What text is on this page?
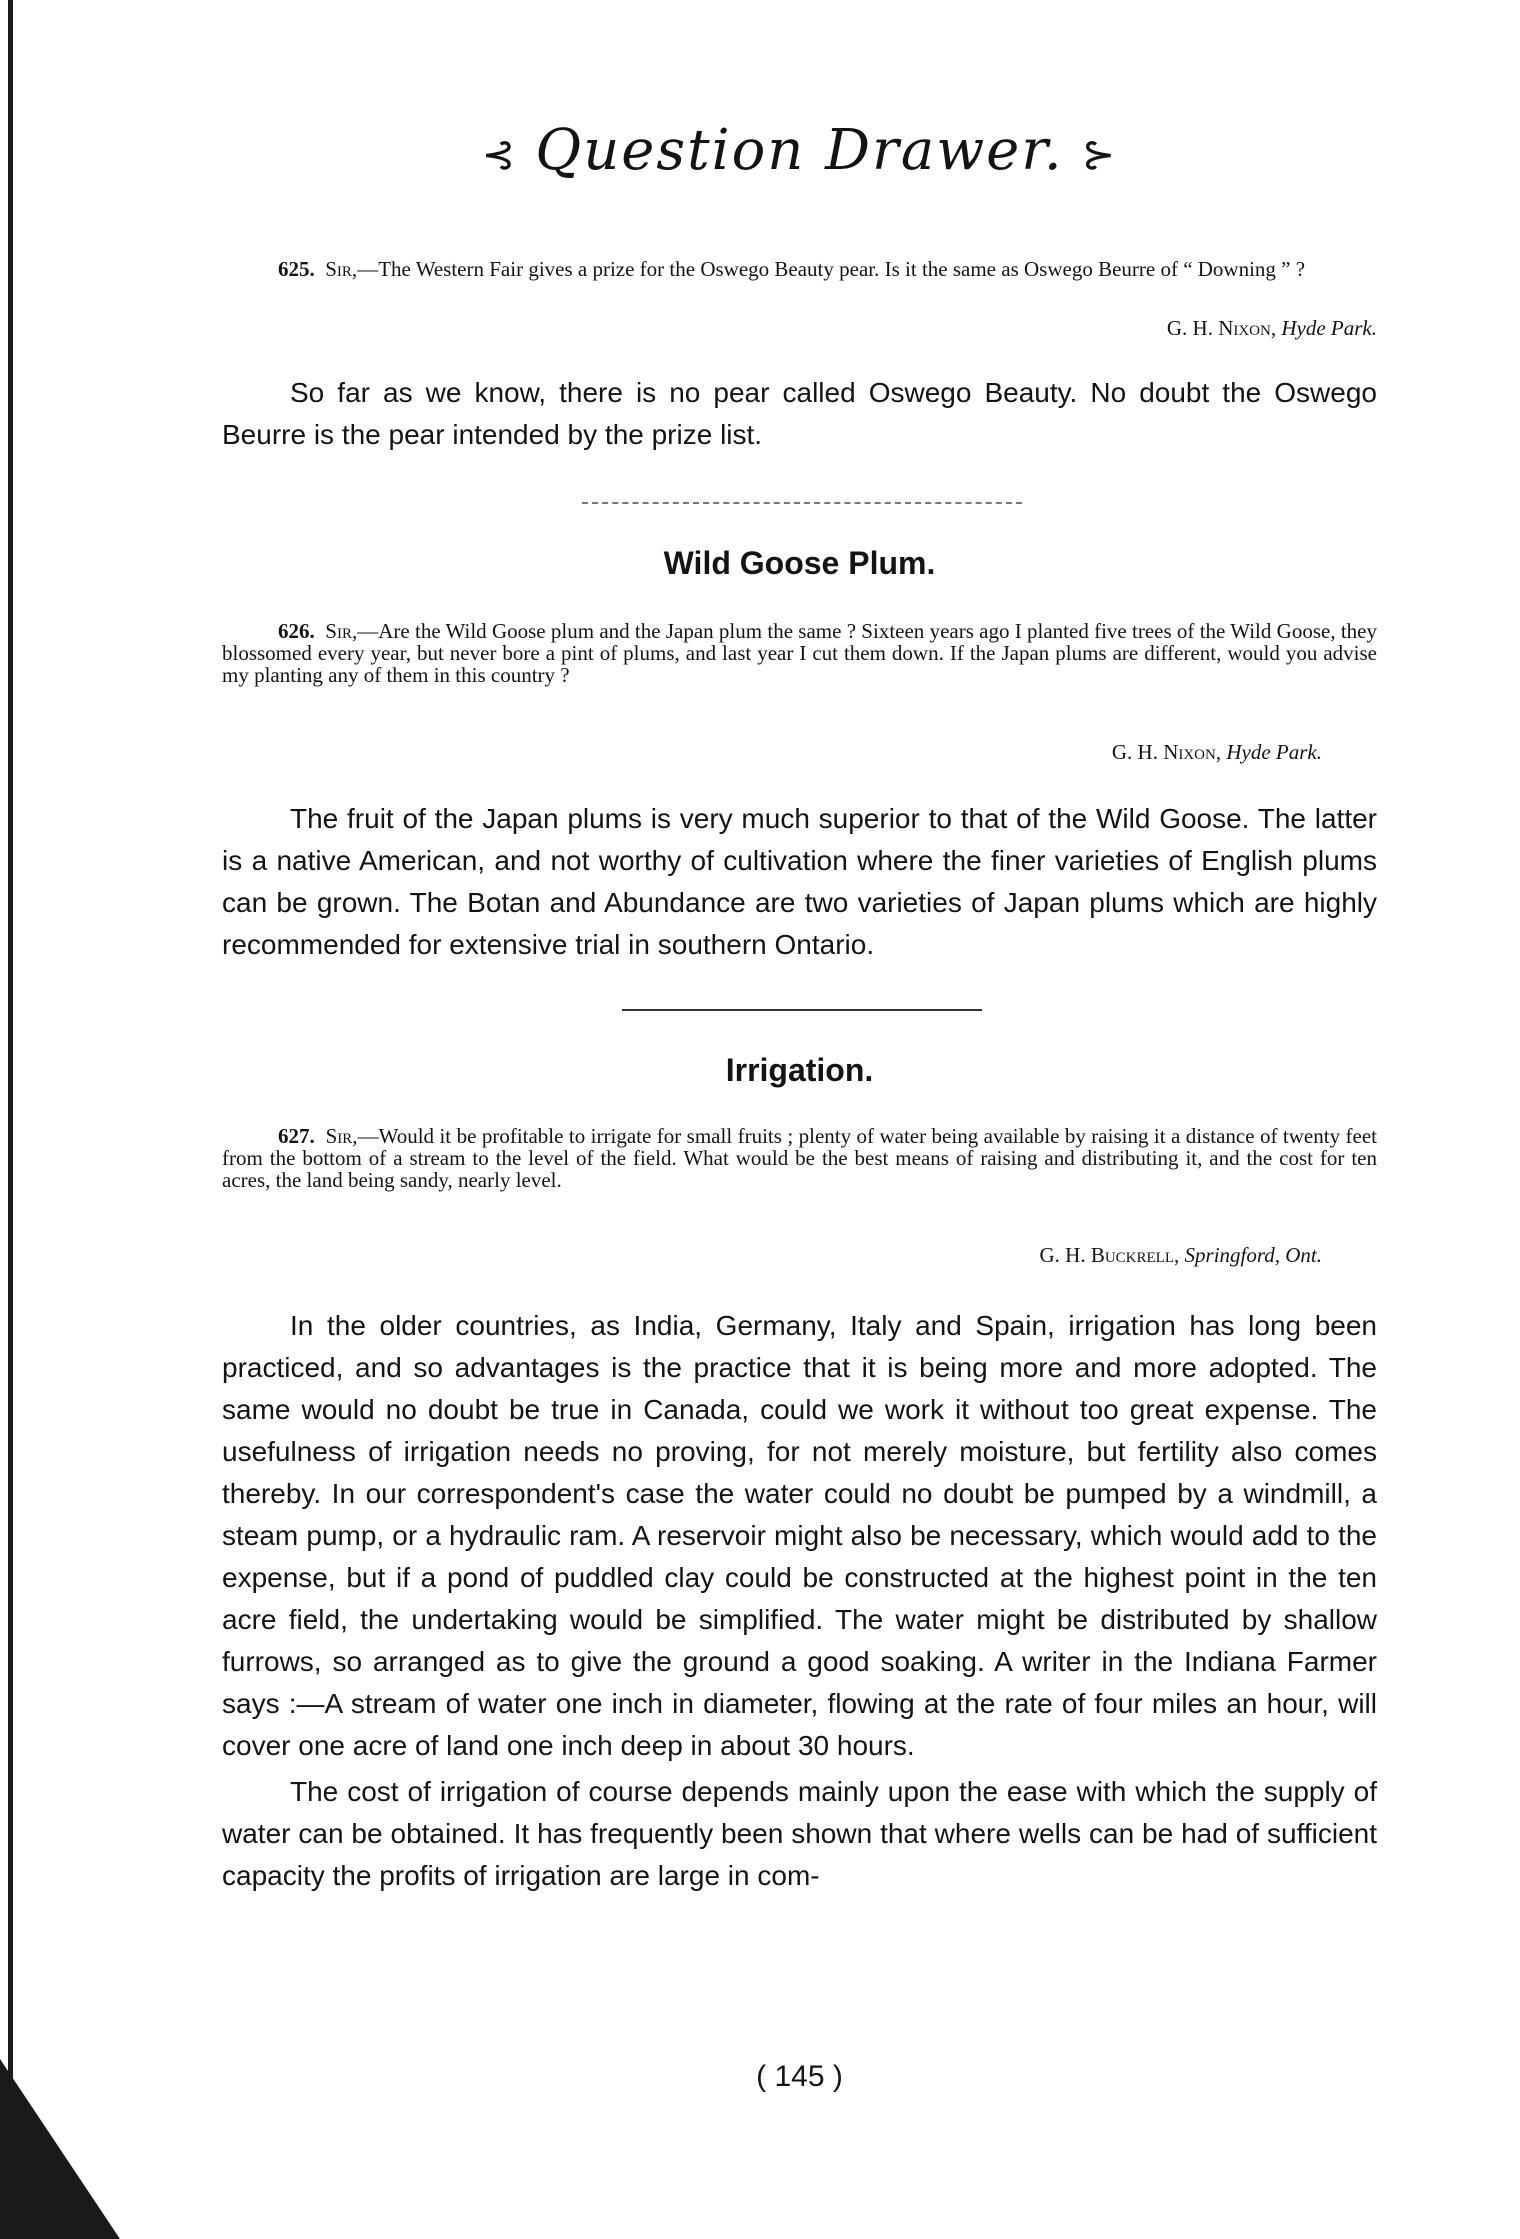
⊰ Question Drawer. ⊱
625. Sir,—The Western Fair gives a prize for the Oswego Beauty pear. Is it the same as Oswego Beurre of “ Downing ” ?
G. H. Nixon, Hyde Park.

So far as we know, there is no pear called Oswego Beauty. No doubt the Oswego Beurre is the pear intended by the prize list.

Wild Goose Plum.
626. Sir,—Are the Wild Goose plum and the Japan plum the same ? Sixteen years ago I planted five trees of the Wild Goose, they blossomed every year, but never bore a pint of plums, and last year I cut them down. If the Japan plums are different, would you advise my planting any of them in this country ?
G. H. Nixon, Hyde Park.

The fruit of the Japan plums is very much superior to that of the Wild Goose. The latter is a native American, and not worthy of cultivation where the finer varieties of English plums can be grown. The Botan and Abundance are two varieties of Japan plums which are highly recommended for extensive trial in southern Ontario.

Irrigation.
627. Sir,—Would it be profitable to irrigate for small fruits ; plenty of water being available by raising it a distance of twenty feet from the bottom of a stream to the level of the field. What would be the best means of raising and distributing it, and the cost for ten acres, the land being sandy, nearly level.
G. H. Buckrell, Springford, Ont.

In the older countries, as India, Germany, Italy and Spain, irrigation has long been practiced, and so advantages is the practice that it is being more and more adopted. The same would no doubt be true in Canada, could we work it without too great expense. The usefulness of irrigation needs no proving, for not merely moisture, but fertility also comes thereby. In our correspondent's case the water could no doubt be pumped by a windmill, a steam pump, or a hydraulic ram. A reservoir might also be necessary, which would add to the expense, but if a pond of puddled clay could be constructed at the highest point in the ten acre field, the undertaking would be simplified. The water might be distributed by shallow furrows, so arranged as to give the ground a good soaking. A writer in the Indiana Farmer says :—A stream of water one inch in diameter, flowing at the rate of four miles an hour, will cover one acre of land one inch deep in about 30 hours.

The cost of irrigation of course depends mainly upon the ease with which the supply of water can be obtained. It has frequently been shown that where wells can be had of sufficient capacity the profits of irrigation are large in com-

( 145 )
